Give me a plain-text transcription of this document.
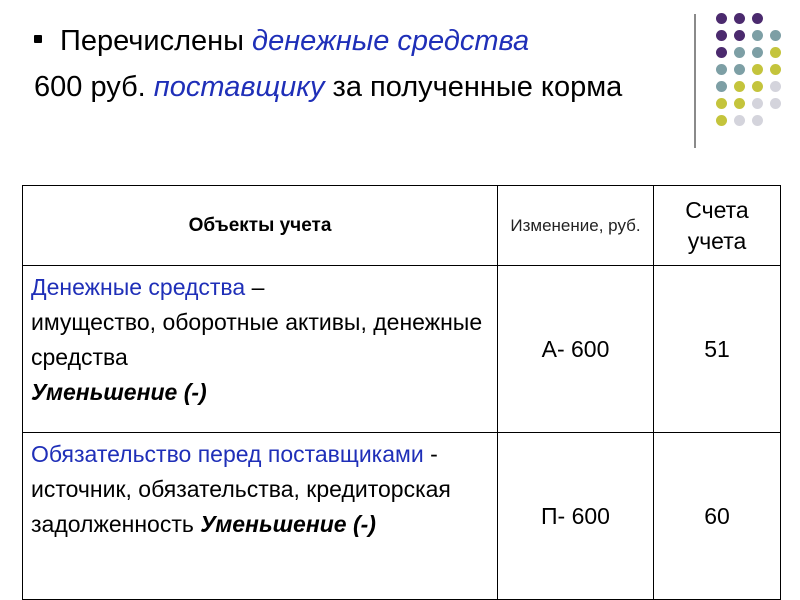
Перечислены денежные средства
600 руб. поставщику за полученные корма
Объекты учета	Изменение, руб.	Счета учета
Денежные средства –
имущество, оборотные активы, денежные средства
Уменьшение (-)	А- 600	51
Обязательство перед поставщиками - источник, обязательства, кредиторская задолженность Уменьшение (-)	П- 600	60
